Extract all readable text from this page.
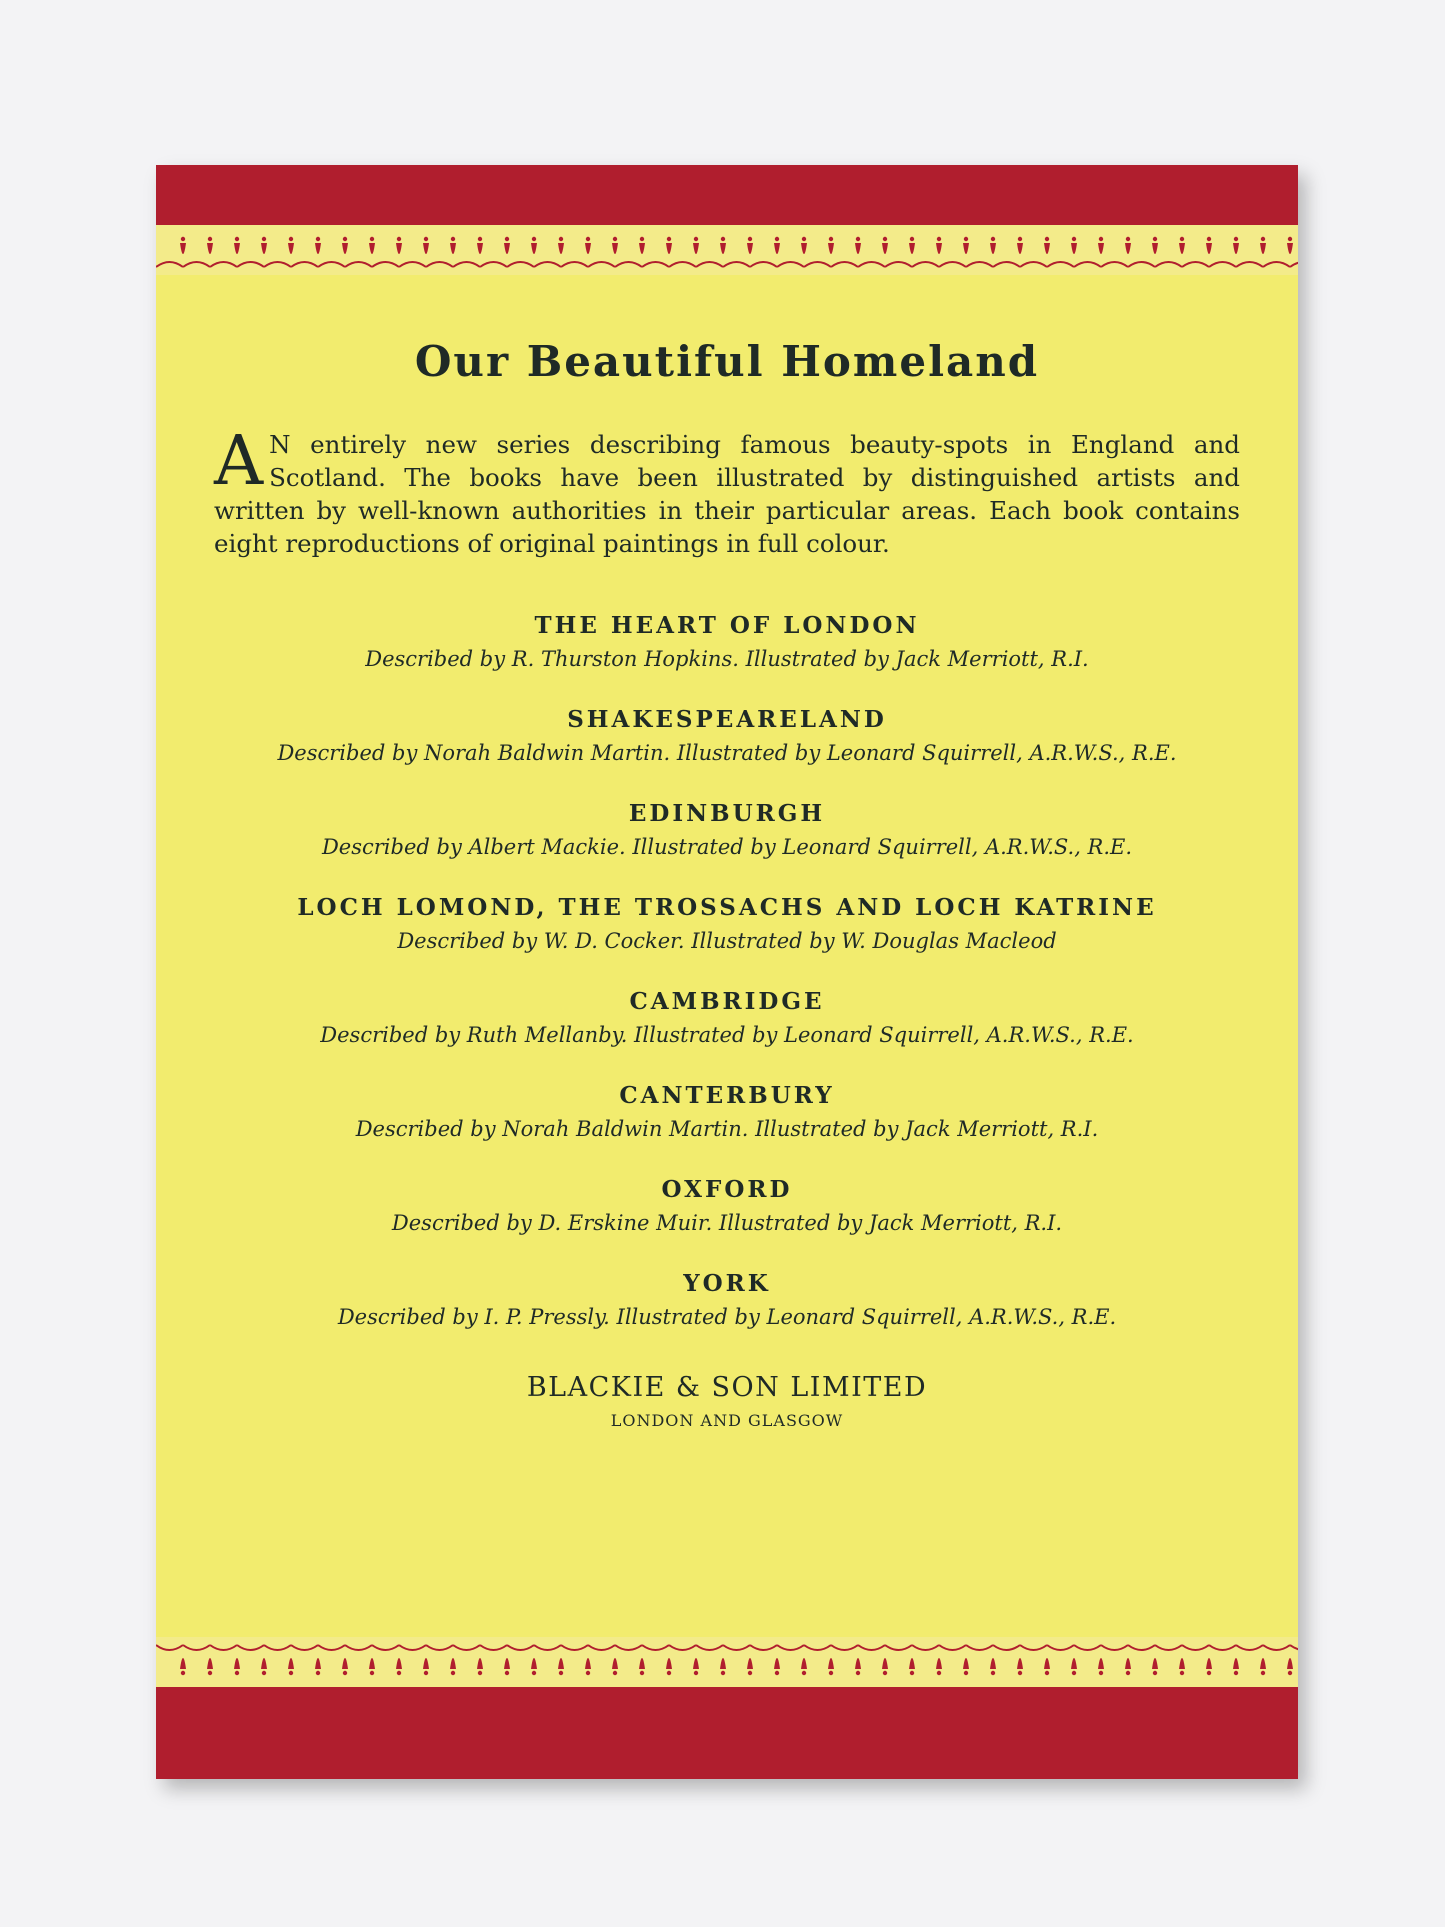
Our Beautiful Homeland

A N entirely new series describing famous beauty-spots in England and Scotland. The books have been illustrated by distinguished artists and written by well-known authorities in their particular areas. Each book contains eight reproductions of original paintings in full colour.

THE HEART OF LONDON

Described by R. Thurston Hopkins. Illustrated by Jack Merriott, R.I.

SHAKESPEARELAND

Described by Norah Baldwin Martin. Illustrated by Leonard Squirrell, A.R.W.S., R.E.

EDINBURGH

Described by Albert Mackie. Illustrated by Leonard Squirrell, A.R.W.S., R.E.

LOCH LOMOND, THE TROSSACHS AND LOCH KATRINE

Described by W. D. Cocker. Illustrated by W. Douglas Macleod

CAMBRIDGE

Described by Ruth Mellanby. Illustrated by Leonard Squirrell, A.R.W.S., R.E.

CANTERBURY

Described by Norah Baldwin Martin. Illustrated by Jack Merriott, R.I.

OXFORD

Described by D. Erskine Muir. Illustrated by Jack Merriott, R.I.

YORK

Described by I. P. Pressly. Illustrated by Leonard Squirrell, A.R.W.S., R.E.

BLACKIE & SON LIMITED

LONDON AND GLASGOW
